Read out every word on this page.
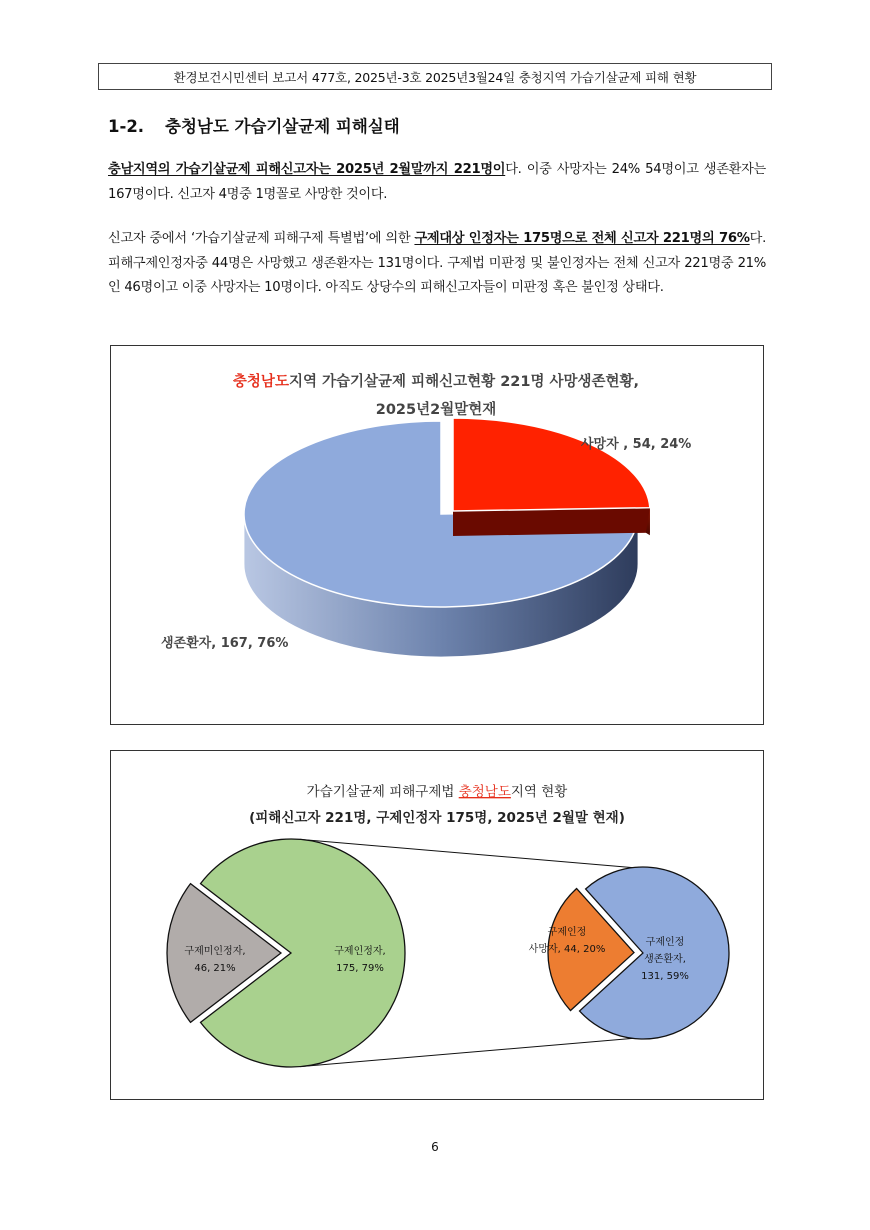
환경보건시민센터 보고서 477호, 2025년-3호 2025년3월24일 충청지역 가습기살균제 피해 현황
1-2. 충청남도 가습기살균제 피해실태
충남지역의 가습기살균제 피해신고자는 2025년 2월말까지 221명이다. 이중 사망자는 24% 54명이고 생존환자는 167명이다. 신고자 4명중 1명꼴로 사망한 것이다.
신고자 중에서 ‘가습기살균제 피해구제 특별법’에 의한 구제대상 인정자는 175명으로 전체 신고자 221명의 76%다. 피해구제인정자중 44명은 사망했고 생존환자는 131명이다. 구제법 미판정 및 불인정자는 전체 신고자 221명중 21%인 46명이고 이중 사망자는 10명이다. 아직도 상당수의 피해신고자들이 미판정 혹은 불인정 상태다.
충청남도지역 가습기살균제 피해신고현황 221명 사망생존현황,
2025년2월말현재
사망자 , 54, 24%
생존환자, 167, 76%
가습기살균제 피해구제법 충청남도지역 현황
(피해신고자 221명, 구제인정자 175명, 2025년 2월말 현재)
구제미인정자,
46, 21%
구제인정자,
175, 79%
구제인정
사망자, 44, 20%
구제인정
생존환자,
131, 59%
6
